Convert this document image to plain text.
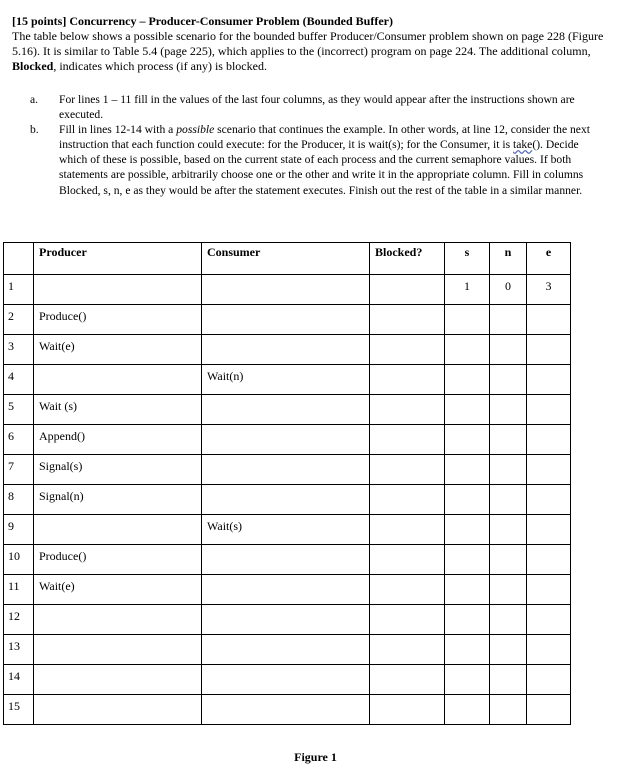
[15 points] Concurrency – Producer-Consumer Problem (Bounded Buffer)
The table below shows a possible scenario for the bounded buffer Producer/Consumer problem shown on page 228 (Figure 5.16). It is similar to Table 5.4 (page 225), which applies to the (incorrect) program on page 224. The additional column, Blocked, indicates which process (if any) is blocked.
a.	For lines 1 – 11 fill in the values of the last four columns, as they would appear after the instructions shown are executed.
b.	Fill in lines 12-14 with a possible scenario that continues the example. In other words, at line 12, consider the next instruction that each function could execute: for the Producer, it is wait(s); for the Consumer, it is take(). Decide which of these is possible, based on the current state of each process and the current semaphore values. If both statements are possible, arbitrarily choose one or the other and write it in the appropriate column. Fill in columns Blocked, s, n, e as they would be after the statement executes. Finish out the rest of the table in a similar manner.
	Producer	Consumer	Blocked?	s	n	e
1				1	0	3
2	Produce()					
3	Wait(e)					
4		Wait(n)				
5	Wait (s)					
6	Append()					
7	Signal(s)					
8	Signal(n)					
9		Wait(s)				
10	Produce()					
11	Wait(e)					
12						
13						
14						
15						
Figure 1
